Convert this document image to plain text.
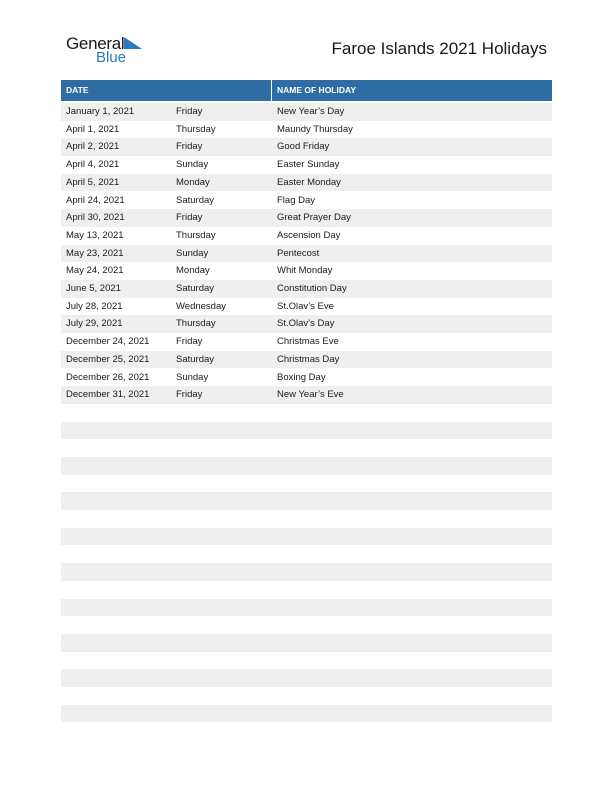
General
Blue	Faroe Islands 2021 Holidays
DATE	NAME OF HOLIDAY
January 1, 2021	Friday	New Year’s Day
April 1, 2021	Thursday	Maundy Thursday
April 2, 2021	Friday	Good Friday
April 4, 2021	Sunday	Easter Sunday
April 5, 2021	Monday	Easter Monday
April 24, 2021	Saturday	Flag Day
April 30, 2021	Friday	Great Prayer Day
May 13, 2021	Thursday	Ascension Day
May 23, 2021	Sunday	Pentecost
May 24, 2021	Monday	Whit Monday
June 5, 2021	Saturday	Constitution Day
July 28, 2021	Wednesday	St.Olav’s Eve
July 29, 2021	Thursday	St.Olav’s Day
December 24, 2021	Friday	Christmas Eve
December 25, 2021	Saturday	Christmas Day
December 26, 2021	Sunday	Boxing Day
December 31, 2021	Friday	New Year’s Eve
